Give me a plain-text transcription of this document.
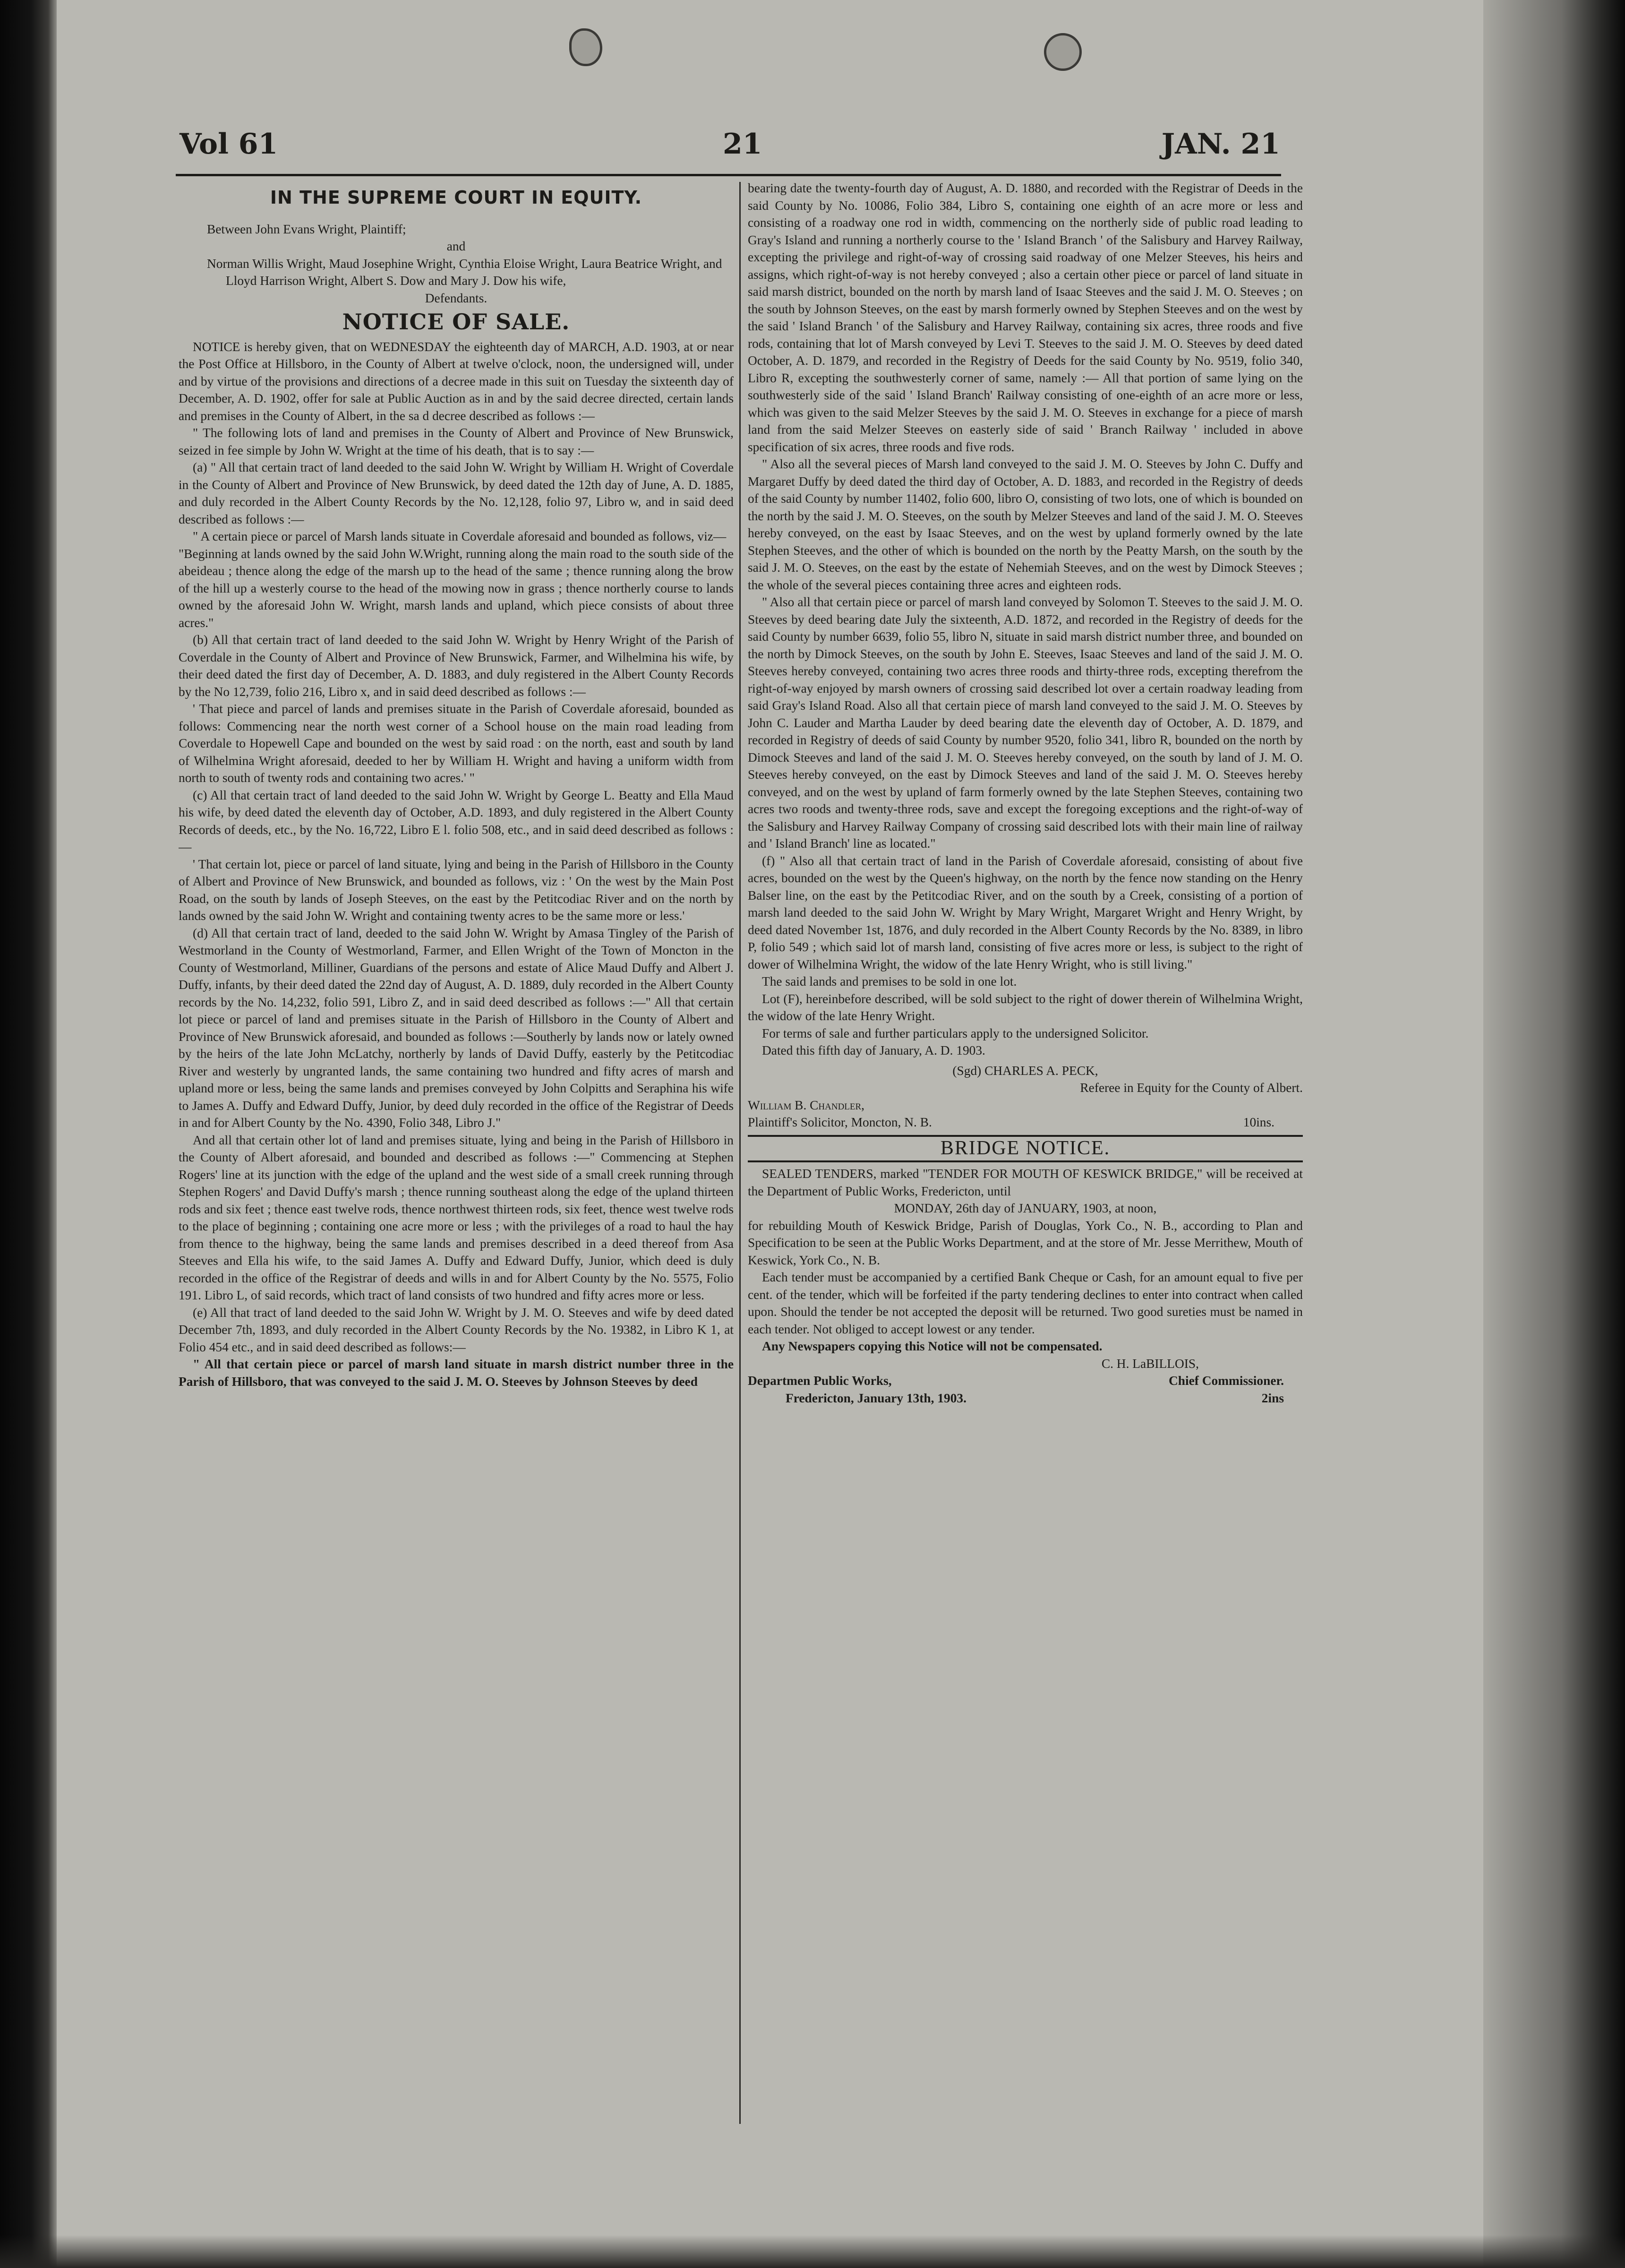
Vol 61	21	JAN. 21
IN THE SUPREME COURT IN EQUITY.

Between John Evans Wright, Plaintiff;

and

Norman Willis Wright, Maud Josephine Wright, Cynthia Eloise Wright, Laura Beatrice Wright, and Lloyd Harrison Wright, Albert S. Dow and Mary J. Dow his wife,

Defendants.

NOTICE OF SALE.

NOTICE is hereby given, that on WEDNESDAY the eighteenth day of MARCH, A.D. 1903, at or near the Post Office at Hillsboro, in the County of Albert at twelve o'clock, noon, the undersigned will, under and by virtue of the provisions and directions of a decree made in this suit on Tuesday the sixteenth day of December, A. D. 1902, offer for sale at Public Auction as in and by the said decree directed, certain lands and premises in the County of Albert, in the sa d decree described as follows :—

" The following lots of land and premises in the County of Albert and Province of New Brunswick, seized in fee simple by John W. Wright at the time of his death, that is to say :—

(a) " All that certain tract of land deeded to the said John W. Wright by William H. Wright of Coverdale in the County of Albert and Province of New Brunswick, by deed dated the 12th day of June, A. D. 1885, and duly recorded in the Albert County Records by the No. 12,128, folio 97, Libro w, and in said deed described as follows :—

" A certain piece or parcel of Marsh lands situate in Coverdale aforesaid and bounded as follows, viz—

"Beginning at lands owned by the said John W.Wright, running along the main road to the south side of the abeideau ; thence along the edge of the marsh up to the head of the same ; thence running along the brow of the hill up a westerly course to the head of the mowing now in grass ; thence northerly course to lands owned by the aforesaid John W. Wright, marsh lands and upland, which piece consists of about three acres."

(b) All that certain tract of land deeded to the said John W. Wright by Henry Wright of the Parish of Coverdale in the County of Albert and Province of New Brunswick, Farmer, and Wilhelmina his wife, by their deed dated the first day of December, A. D. 1883, and duly registered in the Albert County Records by the No 12,739, folio 216, Libro x, and in said deed described as follows :—

' That piece and parcel of lands and premises situate in the Parish of Coverdale aforesaid, bounded as follows: Commencing near the north west corner of a School house on the main road leading from Coverdale to Hopewell Cape and bounded on the west by said road : on the north, east and south by land of Wilhelmina Wright aforesaid, deeded to her by William H. Wright and having a uniform width from north to south of twenty rods and containing two acres.' "

(c) All that certain tract of land deeded to the said John W. Wright by George L. Beatty and Ella Maud his wife, by deed dated the eleventh day of October, A.D. 1893, and duly registered in the Albert County Records of deeds, etc., by the No. 16,722, Libro E l. folio 508, etc., and in said deed described as follows :—

' That certain lot, piece or parcel of land situate, lying and being in the Parish of Hillsboro in the County of Albert and Province of New Brunswick, and bounded as follows, viz : ' On the west by the Main Post Road, on the south by lands of Joseph Steeves, on the east by the Petitcodiac River and on the north by lands owned by the said John W. Wright and containing twenty acres to be the same more or less.'

(d) All that certain tract of land, deeded to the said John W. Wright by Amasa Tingley of the Parish of Westmorland in the County of Westmorland, Farmer, and Ellen Wright of the Town of Moncton in the County of Westmorland, Milliner, Guardians of the persons and estate of Alice Maud Duffy and Albert J. Duffy, infants, by their deed dated the 22nd day of August, A. D. 1889, duly recorded in the Albert County records by the No. 14,232, folio 591, Libro Z, and in said deed described as follows :—" All that certain lot piece or parcel of land and premises situate in the Parish of Hillsboro in the County of Albert and Province of New Brunswick aforesaid, and bounded as follows :—Southerly by lands now or lately owned by the heirs of the late John McLatchy, northerly by lands of David Duffy, easterly by the Petitcodiac River and westerly by ungranted lands, the same containing two hundred and fifty acres of marsh and upland more or less, being the same lands and premises conveyed by John Colpitts and Seraphina his wife to James A. Duffy and Edward Duffy, Junior, by deed duly recorded in the office of the Registrar of Deeds in and for Albert County by the No. 4390, Folio 348, Libro J."

And all that certain other lot of land and premises situate, lying and being in the Parish of Hillsboro in the County of Albert aforesaid, and bounded and described as follows :—" Commencing at Stephen Rogers' line at its junction with the edge of the upland and the west side of a small creek running through Stephen Rogers' and David Duffy's marsh ; thence running southeast along the edge of the upland thirteen rods and six feet ; thence east twelve rods, thence northwest thirteen rods, six feet, thence west twelve rods to the place of beginning ; containing one acre more or less ; with the privileges of a road to haul the hay from thence to the highway, being the same lands and premises described in a deed thereof from Asa Steeves and Ella his wife, to the said James A. Duffy and Edward Duffy, Junior, which deed is duly recorded in the office of the Registrar of deeds and wills in and for Albert County by the No. 5575, Folio 191. Libro L, of said records, which tract of land consists of two hundred and fifty acres more or less.

(e) All that tract of land deeded to the said John W. Wright by J. M. O. Steeves and wife by deed dated December 7th, 1893, and duly recorded in the Albert County Records by the No. 19382, in Libro K 1, at Folio 454 etc., and in said deed described as follows:—

" All that certain piece or parcel of marsh land situate in marsh district number three in the Parish of Hillsboro, that was conveyed to the said J. M. O. Steeves by Johnson Steeves by deed

bearing date the twenty-fourth day of August, A. D. 1880, and recorded with the Registrar of Deeds in the said County by No. 10086, Folio 384, Libro S, containing one eighth of an acre more or less and consisting of a roadway one rod in width, commencing on the northerly side of public road leading to Gray's Island and running a northerly course to the ' Island Branch ' of the Salisbury and Harvey Railway, excepting the privilege and right-of-way of crossing said roadway of one Melzer Steeves, his heirs and assigns, which right-of-way is not hereby conveyed ; also a certain other piece or parcel of land situate in said marsh district, bounded on the north by marsh land of Isaac Steeves and the said J. M. O. Steeves ; on the south by Johnson Steeves, on the east by marsh formerly owned by Stephen Steeves and on the west by the said ' Island Branch ' of the Salisbury and Harvey Railway, containing six acres, three roods and five rods, containing that lot of Marsh conveyed by Levi T. Steeves to the said J. M. O. Steeves by deed dated October, A. D. 1879, and recorded in the Registry of Deeds for the said County by No. 9519, folio 340, Libro R, excepting the southwesterly corner of same, namely :— All that portion of same lying on the southwesterly side of the said ' Island Branch' Railway consisting of one-eighth of an acre more or less, which was given to the said Melzer Steeves by the said J. M. O. Steeves in exchange for a piece of marsh land from the said Melzer Steeves on easterly side of said ' Branch Railway ' included in above specification of six acres, three roods and five rods.

" Also all the several pieces of Marsh land conveyed to the said J. M. O. Steeves by John C. Duffy and Margaret Duffy by deed dated the third day of October, A. D. 1883, and recorded in the Registry of deeds of the said County by number 11402, folio 600, libro O, consisting of two lots, one of which is bounded on the north by the said J. M. O. Steeves, on the south by Melzer Steeves and land of the said J. M. O. Steeves hereby conveyed, on the east by Isaac Steeves, and on the west by upland formerly owned by the late Stephen Steeves, and the other of which is bounded on the north by the Peatty Marsh, on the south by the said J. M. O. Steeves, on the east by the estate of Nehemiah Steeves, and on the west by Dimock Steeves ; the whole of the several pieces containing three acres and eighteen rods.

" Also all that certain piece or parcel of marsh land conveyed by Solomon T. Steeves to the said J. M. O. Steeves by deed bearing date July the sixteenth, A.D. 1872, and recorded in the Registry of deeds for the said County by number 6639, folio 55, libro N, situate in said marsh district number three, and bounded on the north by Dimock Steeves, on the south by John E. Steeves, Isaac Steeves and land of the said J. M. O. Steeves hereby conveyed, containing two acres three roods and thirty-three rods, excepting therefrom the right-of-way enjoyed by marsh owners of crossing said described lot over a certain roadway leading from said Gray's Island Road. Also all that certain piece of marsh land conveyed to the said J. M. O. Steeves by John C. Lauder and Martha Lauder by deed bearing date the eleventh day of October, A. D. 1879, and recorded in Registry of deeds of said County by number 9520, folio 341, libro R, bounded on the north by Dimock Steeves and land of the said J. M. O. Steeves hereby conveyed, on the south by land of J. M. O. Steeves hereby conveyed, on the east by Dimock Steeves and land of the said J. M. O. Steeves hereby conveyed, and on the west by upland of farm formerly owned by the late Stephen Steeves, containing two acres two roods and twenty-three rods, save and except the foregoing exceptions and the right-of-way of the Salisbury and Harvey Railway Company of crossing said described lots with their main line of railway and ' Island Branch' line as located."

(f) " Also all that certain tract of land in the Parish of Coverdale aforesaid, consisting of about five acres, bounded on the west by the Queen's highway, on the north by the fence now standing on the Henry Balser line, on the east by the Petitcodiac River, and on the south by a Creek, consisting of a portion of marsh land deeded to the said John W. Wright by Mary Wright, Margaret Wright and Henry Wright, by deed dated November 1st, 1876, and duly recorded in the Albert County Records by the No. 8389, in libro P, folio 549 ; which said lot of marsh land, consisting of five acres more or less, is subject to the right of dower of Wilhelmina Wright, the widow of the late Henry Wright, who is still living."

The said lands and premises to be sold in one lot.

Lot (F), hereinbefore described, will be sold subject to the right of dower therein of Wilhelmina Wright, the widow of the late Henry Wright.

For terms of sale and further particulars apply to the undersigned Solicitor.

Dated this fifth day of January, A. D. 1903.

(Sgd) CHARLES A. PECK,

Referee in Equity for the County of Albert.

William B. Chandler,

Plaintiff's Solicitor, Moncton, N. B.	10ins.

BRIDGE NOTICE.

SEALED TENDERS, marked "TENDER FOR MOUTH OF KESWICK BRIDGE," will be received at the Department of Public Works, Fredericton, until

MONDAY, 26th day of JANUARY, 1903, at noon,

for rebuilding Mouth of Keswick Bridge, Parish of Douglas, York Co., N. B., according to Plan and Specification to be seen at the Public Works Department, and at the store of Mr. Jesse Merrithew, Mouth of Keswick, York Co., N. B.

Each tender must be accompanied by a certified Bank Cheque or Cash, for an amount equal to five per cent. of the tender, which will be forfeited if the party tendering declines to enter into contract when called upon. Should the tender be not accepted the deposit will be returned. Two good sureties must be named in each tender. Not obliged to accept lowest or any tender.

Any Newspapers copying this Notice will not be compensated.

C. H. LaBILLOIS,

Departmen Public Works,	Chief Commissioner.

Fredericton, January 13th, 1903.	2ins
